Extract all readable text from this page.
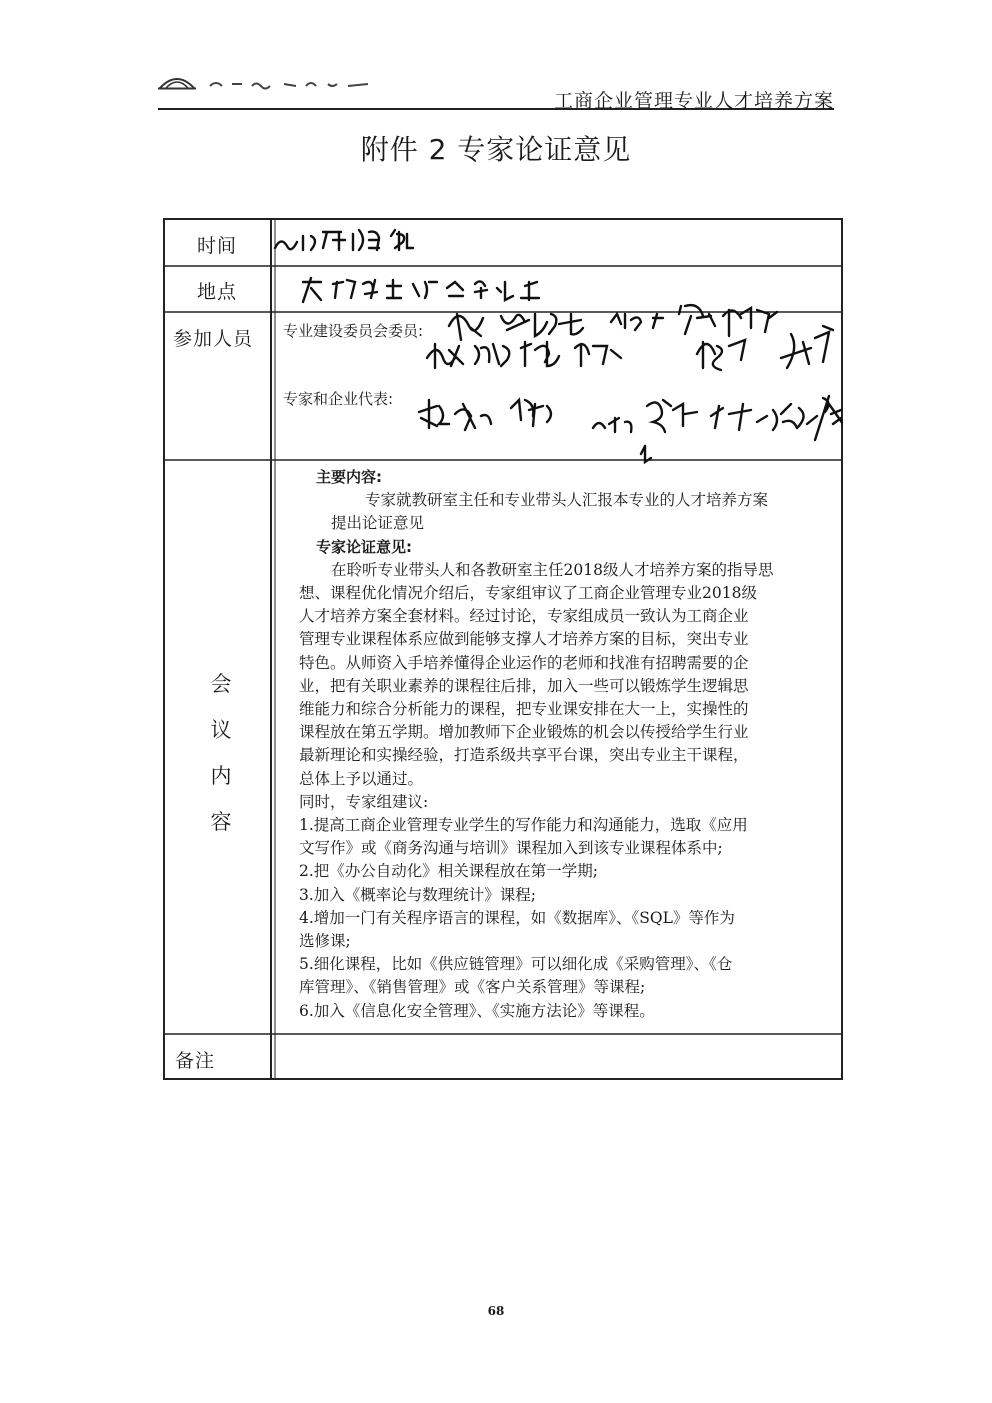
工商企业管理专业人才培养方案
附件 2 专家论证意见
时间
地点
参加人员 专业建设委员会委员:
专家和企业代表:
会
议
内
容
备注
主要内容:
专家就教研室主任和专业带头人汇报本专业的人才培养方案
提出论证意见
专家论证意见:
在聆听专业带头人和各教研室主任2018级人才培养方案的指导思
想、课程优化情况介绍后，专家组审议了工商企业管理专业2018级
人才培养方案全套材料。经过讨论，专家组成员一致认为工商企业
管理专业课程体系应做到能够支撑人才培养方案的目标，突出专业
特色。从师资入手培养懂得企业运作的老师和找准有招聘需要的企
业，把有关职业素养的课程往后排，加入一些可以锻炼学生逻辑思
维能力和综合分析能力的课程，把专业课安排在大一上，实操性的
课程放在第五学期。增加教师下企业锻炼的机会以传授给学生行业
最新理论和实操经验，打造系级共享平台课，突出专业主干课程，
总体上予以通过。
同时，专家组建议:
1.提高工商企业管理专业学生的写作能力和沟通能力，选取《应用
文写作》或《商务沟通与培训》课程加入到该专业课程体系中;
2.把《办公自动化》相关课程放在第一学期;
3.加入《概率论与数理统计》课程;
4.增加一门有关程序语言的课程，如《数据库》、《SQL》等作为
选修课;
5.细化课程，比如《供应链管理》可以细化成《采购管理》、《仓
库管理》、《销售管理》或《客户关系管理》等课程;
6.加入《信息化安全管理》、《实施方法论》等课程。
68
